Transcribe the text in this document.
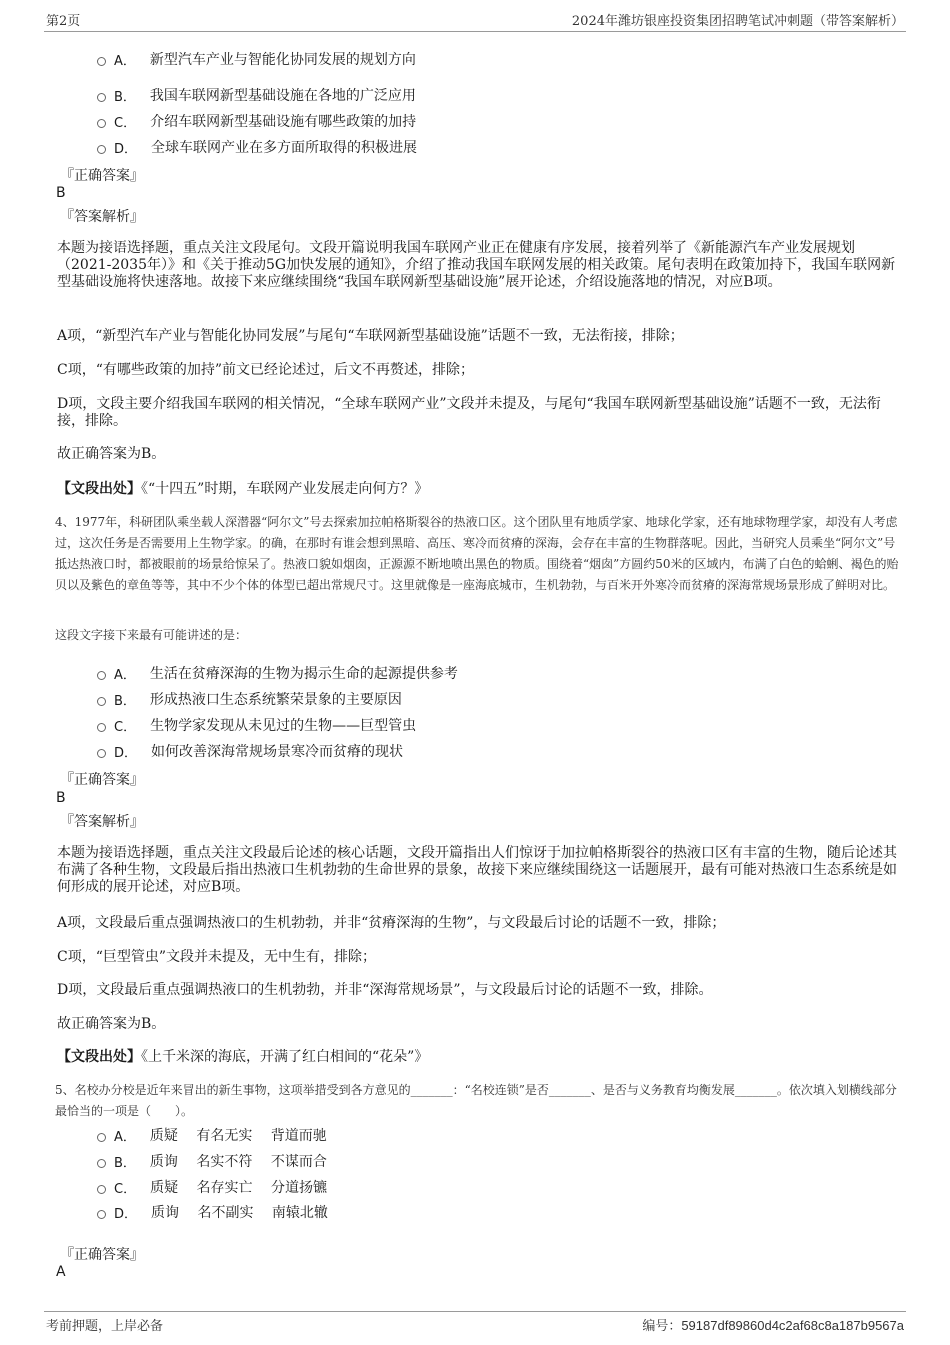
第2页	2024年潍坊银座投资集团招聘笔试冲刺题（带答案解析）
A． 新型汽车产业与智能化协同发展的规划方向
B． 我国车联网新型基础设施在各地的广泛应用
C． 介绍车联网新型基础设施有哪些政策的加持
D． 全球车联网产业在多方面所取得的积极进展
『正确答案』
B
『答案解析』
本题为接语选择题，重点关注文段尾句。文段开篇说明我国车联网产业正在健康有序发展，接着列举了《新能源汽车产业发展规划（2021-2035年）》和《关于推动5G加快发展的通知》，介绍了推动我国车联网发展的相关政策。尾句表明在政策加持下，我国车联网新型基础设施将快速落地。故接下来应继续围绕“我国车联网新型基础设施”展开论述，介绍设施落地的情况，对应B项。
A项，“新型汽车产业与智能化协同发展”与尾句“车联网新型基础设施”话题不一致，无法衔接，排除；
C项，“有哪些政策的加持”前文已经论述过，后文不再赘述，排除；
D项，文段主要介绍我国车联网的相关情况，“全球车联网产业”文段并未提及，与尾句“我国车联网新型基础设施”话题不一致，无法衔接，排除。
故正确答案为B。
【文段出处】《“十四五”时期，车联网产业发展走向何方？》
4、1977年，科研团队乘坐载人深潜器“阿尔文”号去探索加拉帕格斯裂谷的热液口区。这个团队里有地质学家、地球化学家，还有地球物理学家，却没有人考虑过，这次任务是否需要用上生物学家。的确，在那时有谁会想到黑暗、高压、寒冷而贫瘠的深海，会存在丰富的生物群落呢。因此，当研究人员乘坐“阿尔文”号抵达热液口时，都被眼前的场景给惊呆了。热液口貌如烟囱，正源源不断地喷出黑色的物质。围绕着“烟囱”方圆约50米的区域内，布满了白色的蛤蜊、褐色的贻贝以及紫色的章鱼等等，其中不少个体的体型已超出常规尺寸。这里就像是一座海底城市，生机勃勃，与百米开外寒冷而贫瘠的深海常规场景形成了鲜明对比。
这段文字接下来最有可能讲述的是：
A． 生活在贫瘠深海的生物为揭示生命的起源提供参考
B． 形成热液口生态系统繁荣景象的主要原因
C． 生物学家发现从未见过的生物——巨型管虫
D． 如何改善深海常规场景寒冷而贫瘠的现状
『正确答案』
B
『答案解析』
本题为接语选择题，重点关注文段最后论述的核心话题，文段开篇指出人们惊讶于加拉帕格斯裂谷的热液口区有丰富的生物，随后论述其布满了各种生物，文段最后指出热液口生机勃勃的生命世界的景象，故接下来应继续围绕这一话题展开，最有可能对热液口生态系统是如何形成的展开论述，对应B项。
A项，文段最后重点强调热液口的生机勃勃，并非“贫瘠深海的生物”，与文段最后讨论的话题不一致，排除；
C项，“巨型管虫”文段并未提及，无中生有，排除；
D项，文段最后重点强调热液口的生机勃勃，并非“深海常规场景”，与文段最后讨论的话题不一致，排除。
故正确答案为B。
【文段出处】《上千米深的海底，开满了红白相间的“花朵”》
5、名校办分校是近年来冒出的新生事物，这项举措受到各方意见的_______：“名校连锁”是否_______、是否与义务教育均衡发展_______。依次填入划横线部分最恰当的一项是（　　）。
A． 质疑　 有名无实　 背道而驰
B． 质询　 名实不符　 不谋而合
C． 质疑　 名存实亡　 分道扬镳
D． 质询　 名不副实　 南辕北辙
『正确答案』
A
考前押题，上岸必备	编号：59187df89860d4c2af68c8a187b9567a
